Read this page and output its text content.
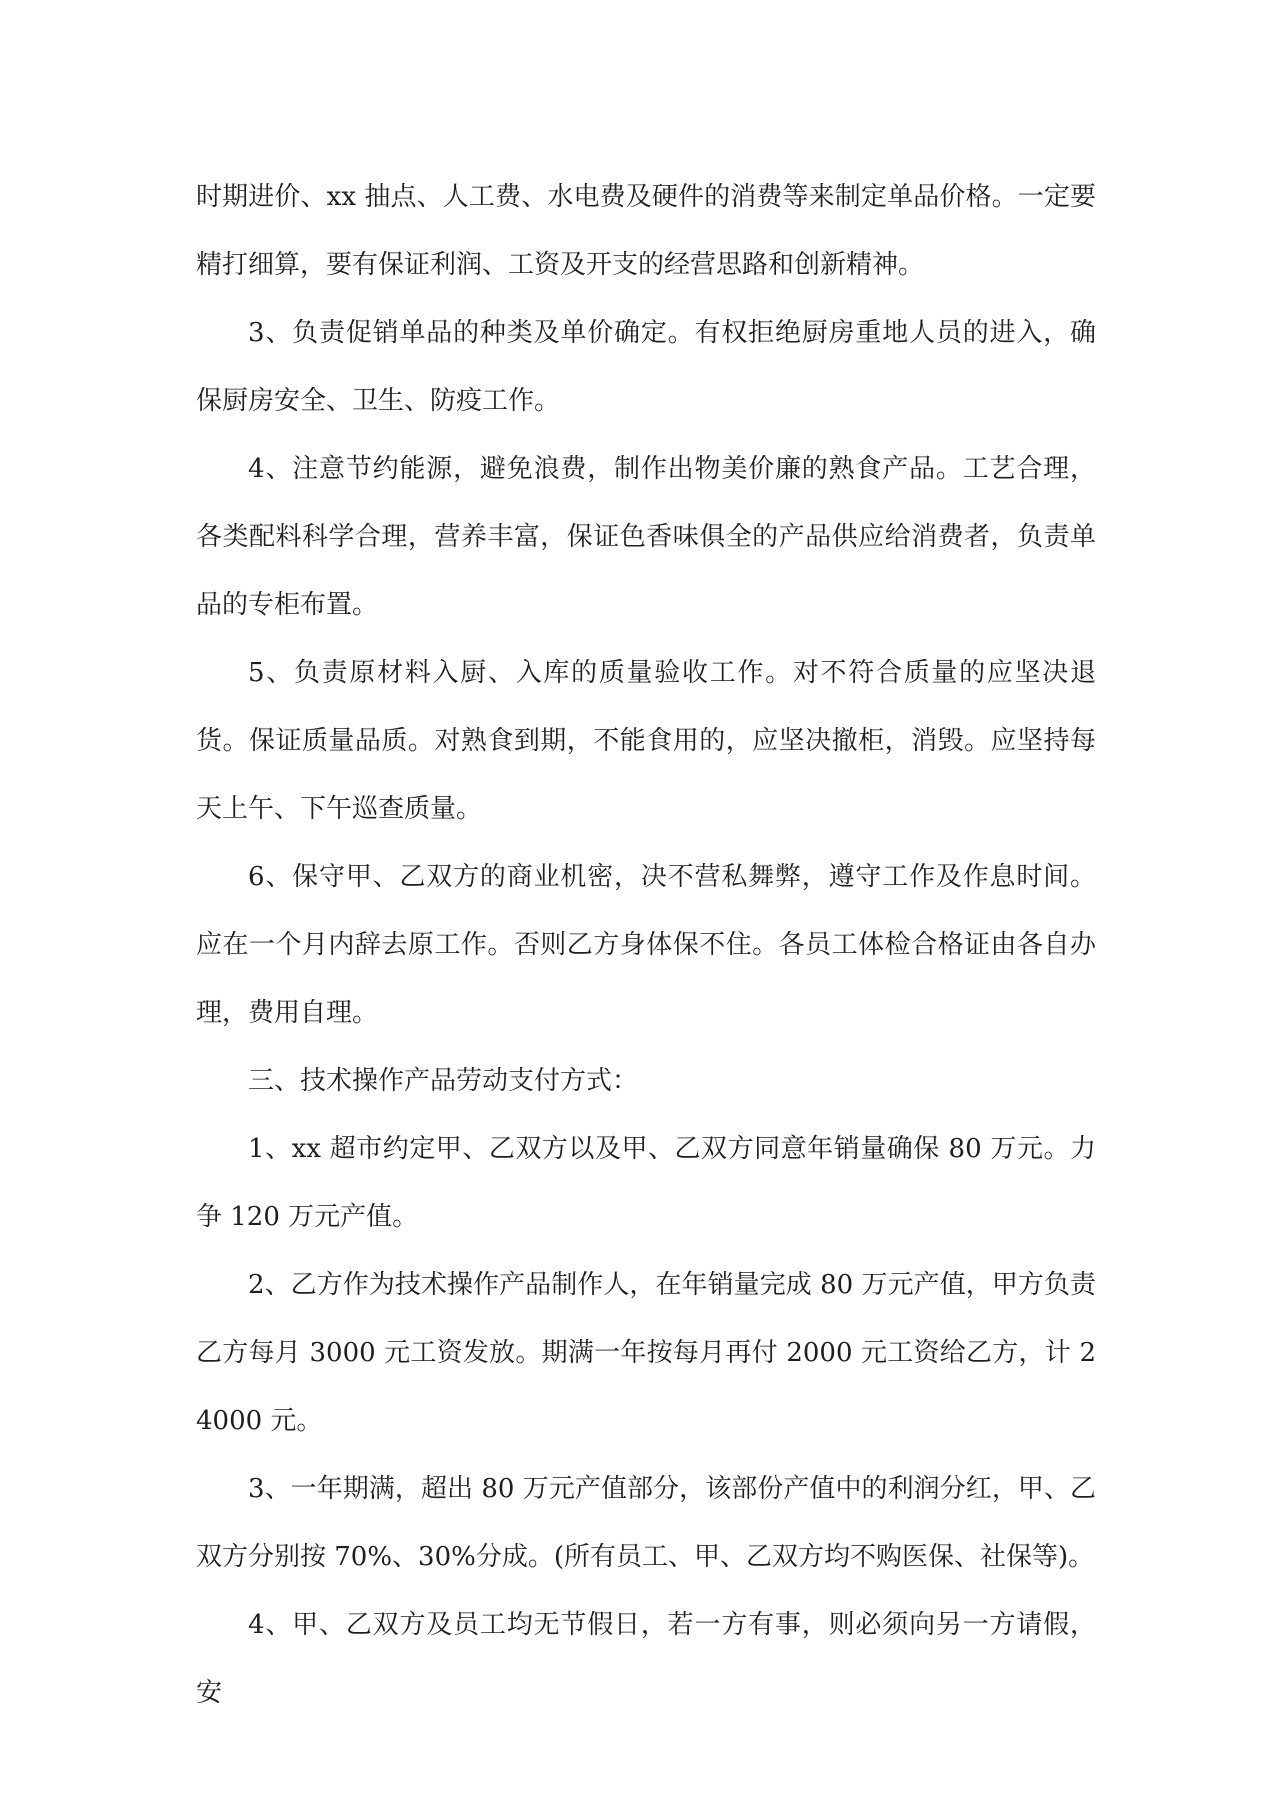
时期进价、xx 抽点、人工费、水电费及硬件的消费等来制定单品价格。一定要精打细算，要有保证利润、工资及开支的经营思路和创新精神。

3、负责促销单品的种类及单价确定。有权拒绝厨房重地人员的进入，确保厨房安全、卫生、防疫工作。

4、注意节约能源，避免浪费，制作出物美价廉的熟食产品。工艺合理，各类配料科学合理，营养丰富，保证色香味俱全的产品供应给消费者，负责单品的专柜布置。

5、负责原材料入厨、入库的质量验收工作。对不符合质量的应坚决退货。保证质量品质。对熟食到期，不能食用的，应坚决撤柜，消毁。应坚持每天上午、下午巡查质量。

6、保守甲、乙双方的商业机密，决不营私舞弊，遵守工作及作息时间。应在一个月内辞去原工作。否则乙方身体保不住。各员工体检合格证由各自办理，费用自理。

三、技术操作产品劳动支付方式：

1、xx 超市约定甲、乙双方以及甲、乙双方同意年销量确保 80 万元。力争 120 万元产值。

2、乙方作为技术操作产品制作人，在年销量完成 80 万元产值，甲方负责乙方每月 3000 元工资发放。期满一年按每月再付 2000 元工资给乙方，计 24000 元。

3、一年期满，超出 80 万元产值部分，该部份产值中的利润分红，甲、乙双方分别按 70%、30%分成。(所有员工、甲、乙双方均不购医保、社保等)。

4、甲、乙双方及员工均无节假日，若一方有事，则必须向另一方请假，安
